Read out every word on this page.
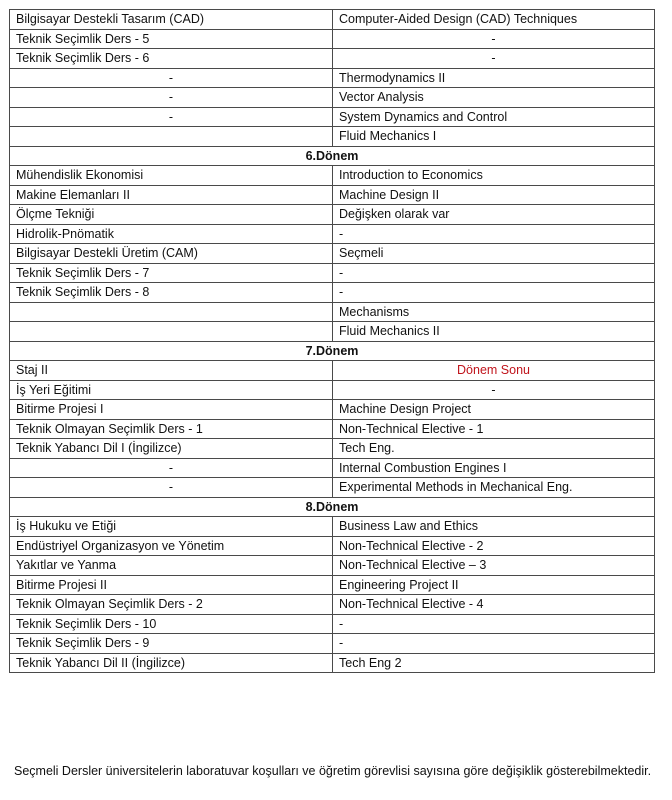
Bilgisayar Destekli Tasarım (CAD)	Computer-Aided Design (CAD) Techniques
Teknik Seçimlik Ders - 5	-
Teknik Seçimlik Ders - 6	-
-	Thermodynamics II
-	Vector Analysis
-	System Dynamics and Control
	Fluid Mechanics I
6.Dönem	
Mühendislik Ekonomisi	Introduction to Economics
Makine Elemanları II	Machine Design II
Ölçme Tekniği	Değişken olarak var
Hidrolik-Pnömatik	-
Bilgisayar Destekli Üretim (CAM)	Seçmeli
Teknik Seçimlik Ders - 7	-
Teknik Seçimlik Ders - 8	-
	Mechanisms
	Fluid Mechanics II
7.Dönem	
Staj II	Dönem Sonu
İş Yeri Eğitimi	-
Bitirme Projesi I	Machine Design Project
Teknik Olmayan Seçimlik Ders - 1	Non-Technical Elective - 1
Teknik Yabancı Dil I (İngilizce)	Tech Eng.
-	Internal Combustion Engines I
-	Experimental Methods in Mechanical Eng.
8.Dönem	
İş Hukuku ve Etiği	Business Law and Ethics
Endüstriyel Organizasyon ve Yönetim	Non-Technical Elective - 2
Yakıtlar ve Yanma	Non-Technical Elective – 3
Bitirme Projesi II	Engineering Project II
Teknik Olmayan Seçimlik Ders - 2	Non-Technical Elective - 4
Teknik Seçimlik Ders - 10	-
Teknik Seçimlik Ders - 9	-
Teknik Yabancı Dil II (İngilizce)	Tech Eng 2

Seçmeli Dersler üniversitelerin laboratuvar koşulları ve öğretim görevlisi sayısına göre değişiklik gösterebilmektedir.
